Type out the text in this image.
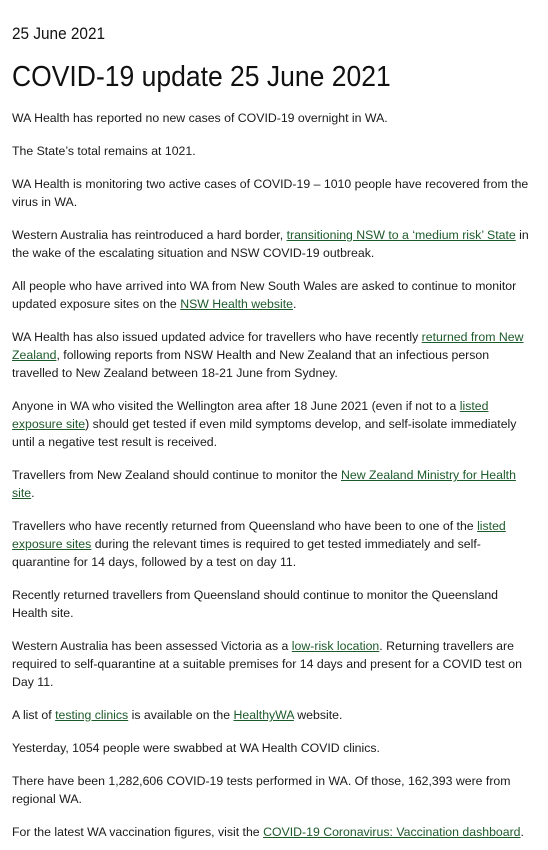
25 June 2021
COVID-19 update 25 June 2021

WA Health has reported no new cases of COVID-19 overnight in WA.

The State’s total remains at 1021.

WA Health is monitoring two active cases of COVID-19 – 1010 people have recovered from the virus in WA.

Western Australia has reintroduced a hard border, transitioning NSW to a ‘medium risk’ State in the wake of the escalating situation and NSW COVID-19 outbreak.

All people who have arrived into WA from New South Wales are asked to continue to monitor updated exposure sites on the NSW Health website.

WA Health has also issued updated advice for travellers who have recently returned from New Zealand, following reports from NSW Health and New Zealand that an infectious person travelled to New Zealand between 18-21 June from Sydney.

Anyone in WA who visited the Wellington area after 18 June 2021 (even if not to a listed exposure site) should get tested if even mild symptoms develop, and self-isolate immediately until a negative test result is received.

Travellers from New Zealand should continue to monitor the New Zealand Ministry for Health site.

Travellers who have recently returned from Queensland who have been to one of the listed exposure sites during the relevant times is required to get tested immediately and self-quarantine for 14 days, followed by a test on day 11.

Recently returned travellers from Queensland should continue to monitor the Queensland Health site.

Western Australia has been assessed Victoria as a low-risk location. Returning travellers are required to self-quarantine at a suitable premises for 14 days and present for a COVID test on Day 11.

A list of testing clinics is available on the HealthyWA website.

Yesterday, 1054 people were swabbed at WA Health COVID clinics.

There have been 1,282,606 COVID-19 tests performed in WA. Of those, 162,393 were from regional WA.

For the latest WA vaccination figures, visit the COVID-19 Coronavirus: Vaccination dashboard.
